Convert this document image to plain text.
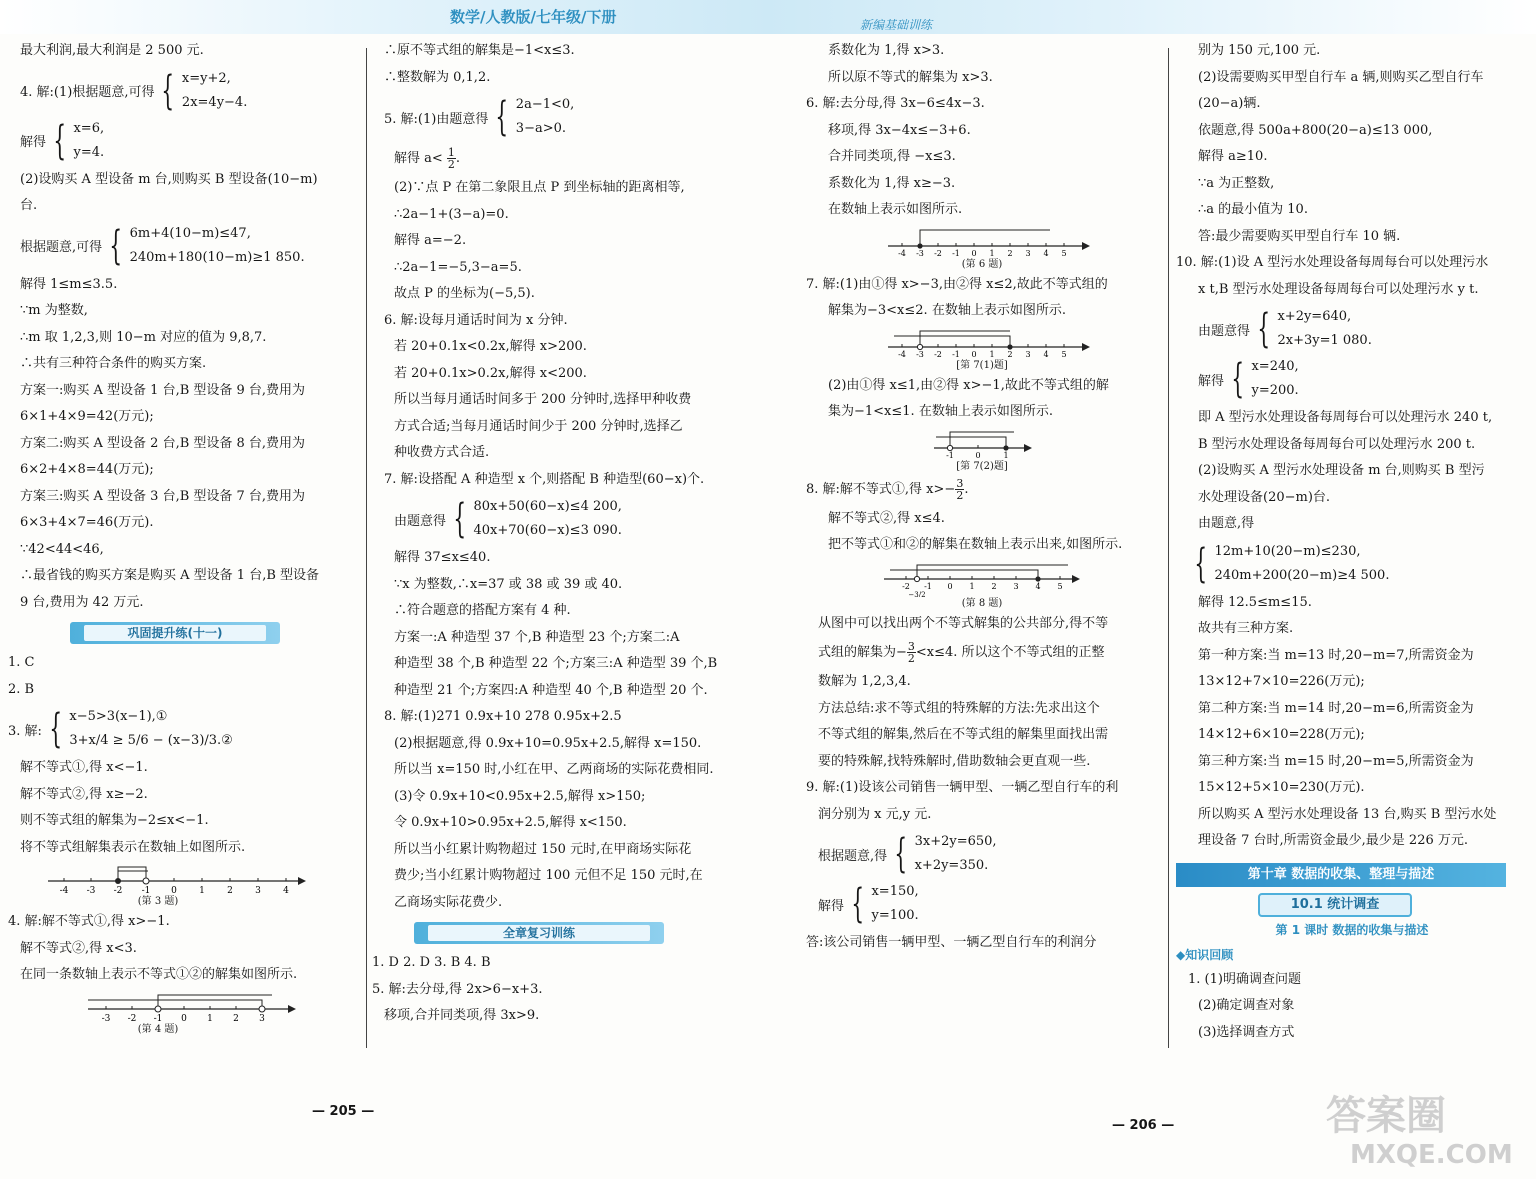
数学/人教版/七年级/下册	新编基础训练
最大利润,最大利润是 2 500 元.
4. 解:(1)根据题意,可得 { x=y+2,
2x=4y−4.
解得 { x=6,
y=4.
(2)设购买 A 型设备 m 台,则购买 B 型设备(10−m)
台.
根据题意,可得 { 6m+4(10−m)≤47,
240m+180(10−m)≥1 850.
解得 1≤m≤3.5.
∵m 为整数,
∴m 取 1,2,3,则 10−m 对应的值为 9,8,7.
∴共有三种符合条件的购买方案.
方案一:购买 A 型设备 1 台,B 型设备 9 台,费用为
6×1+4×9=42(万元);
方案二:购买 A 型设备 2 台,B 型设备 8 台,费用为
6×2+4×8=44(万元);
方案三:购买 A 型设备 3 台,B 型设备 7 台,费用为
6×3+4×7=46(万元).
∵42<44<46,
∴最省钱的购买方案是购买 A 型设备 1 台,B 型设备
9 台,费用为 42 万元.
巩固提升练(十一)
1. C
2. B
3. 解: { x−5>3(x−1),①
3+x/4 ≥ 5/6 − (x−3)/3.②
解不等式①,得 x<−1.
解不等式②,得 x≥−2.
则不等式组的解集为−2≤x<−1.
将不等式组解集表示在数轴上如图所示.
-4 -3 -2 -1 0 1 2 3 4
(第 3 题)
4. 解:解不等式①,得 x>−1.
解不等式②,得 x<3.
在同一条数轴上表示不等式①②的解集如图所示.
-3 -2 -1 0 1 2 3
(第 4 题)
∴原不等式组的解集是−1<x≤3.
∴整数解为 0,1,2.
5. 解:(1)由题意得 { 2a−1<0,
3−a>0.
解得 $a< \frac{1}{2}$ .
(2)∵点 P 在第二象限且点 P 到坐标轴的距离相等,
∴2a−1+(3−a)=0.
解得 a=−2.
∴2a−1=−5,3−a=5.
故点 P 的坐标为(−5,5).
6. 解:设每月通话时间为 x 分钟.
若 20+0.1x<0.2x,解得 x>200.
若 20+0.1x>0.2x,解得 x<200.
所以当每月通话时间多于 200 分钟时,选择甲种收费
方式合适;当每月通话时间少于 200 分钟时,选择乙
种收费方式合适.
7. 解:设搭配 A 种造型 x 个,则搭配 B 种造型(60−x)个.
由题意得 { 80x+50(60−x)≤4 200,
40x+70(60−x)≤3 090.
解得 37≤x≤40.
∵x 为整数,∴x=37 或 38 或 39 或 40.
∴符合题意的搭配方案有 4 种.
方案一:A 种造型 37 个,B 种造型 23 个;方案二:A
种造型 38 个,B 种造型 22 个;方案三:A 种造型 39 个,B
种造型 21 个;方案四:A 种造型 40 个,B 种造型 20 个.
8. 解:(1)271 0.9x+10 278 0.95x+2.5
(2)根据题意,得 0.9x+10=0.95x+2.5,解得 x=150.
所以当 x=150 时,小红在甲、乙两商场的实际花费相同.
(3)令 0.9x+10<0.95x+2.5,解得 x>150;
令 0.9x+10>0.95x+2.5,解得 x<150.
所以当小红累计购物超过 150 元时,在甲商场实际花
费少;当小红累计购物超过 100 元但不足 150 元时,在
乙商场实际花费少.
全章复习训练
1. D 2. D 3. B 4. B
5. 解:去分母,得 2x>6−x+3.
移项,合并同类项,得 3x>9.
系数化为 1,得 x>3.
所以原不等式的解集为 x>3.
6. 解:去分母,得 3x−6≤4x−3.
移项,得 3x−4x≤−3+6.
合并同类项,得 −x≤3.
系数化为 1,得 x≥−3.
在数轴上表示如图所示.
-4 -3 -2 -1 0 1 2 3 4 5
(第 6 题)
7. 解:(1)由①得 x>−3,由②得 x≤2,故此不等式组的
解集为−3<x≤2. 在数轴上表示如图所示.
-4 -3 -2 -1 0 1 2 3 4 5
[第 7(1)题]
(2)由①得 x≤1,由②得 x>−1,故此不等式组的解
集为−1<x≤1. 在数轴上表示如图所示.
-1	0	1
[第 7(2)题]
8. 解:解不等式①,得 $x>- \frac{3}{2}$ .
解不等式②,得 x≤4.
把不等式①和②的解集在数轴上表示出来,如图所示.
-2 -1 0 1 2 3 4 5
−3/2
(第 8 题)
从图中可以找出两个不等式解集的公共部分,得不等
式组的解集为− $\frac{3}{2} <x\le 4$. 所以这个不等式组的正整
数解为 1,2,3,4.
方法总结:求不等式组的特殊解的方法:先求出这个
不等式组的解集,然后在不等式组的解集里面找出需
要的特殊解,找特殊解时,借助数轴会更直观一些.
9. 解:(1)设该公司销售一辆甲型、一辆乙型自行车的利
润分别为 x 元,y 元.
根据题意,得 { 3x+2y=650,
x+2y=350.
解得 { x=150,
y=100.
答:该公司销售一辆甲型、一辆乙型自行车的利润分
别为 150 元,100 元.
(2)设需要购买甲型自行车 a 辆,则购买乙型自行车
(20−a)辆.
依题意,得 500a+800(20−a)≤13 000,
解得 a≥10.
∵a 为正整数,
∴a 的最小值为 10.
答:最少需要购买甲型自行车 10 辆.
10. 解:(1)设 A 型污水处理设备每周每台可以处理污水
x t,B 型污水处理设备每周每台可以处理污水 y t.
由题意得 { x+2y=640,
2x+3y=1 080.
解得 { x=240,
y=200.
即 A 型污水处理设备每周每台可以处理污水 240 t,
B 型污水处理设备每周每台可以处理污水 200 t.
(2)设购买 A 型污水处理设备 m 台,则购买 B 型污
水处理设备(20−m)台.
由题意,得
{ 12m+10(20−m)≤230,
240m+200(20−m)≥4 500.
解得 12.5≤m≤15.
故共有三种方案.
第一种方案:当 m=13 时,20−m=7,所需资金为
13×12+7×10=226(万元);
第二种方案:当 m=14 时,20−m=6,所需资金为
14×12+6×10=228(万元);
第三种方案:当 m=15 时,20−m=5,所需资金为
15×12+5×10=230(万元).
所以购买 A 型污水处理设备 13 台,购买 B 型污水处
理设备 7 台时,所需资金最少,最少是 226 万元.
第十章 数据的收集、整理与描述
10.1 统计调查
第 1 课时 数据的收集与描述
◆知识回顾
1. (1)明确调查问题
(2)确定调查对象
(3)选择调查方式
— 205 —
— 206 —	答案圈
MXQE.COM
